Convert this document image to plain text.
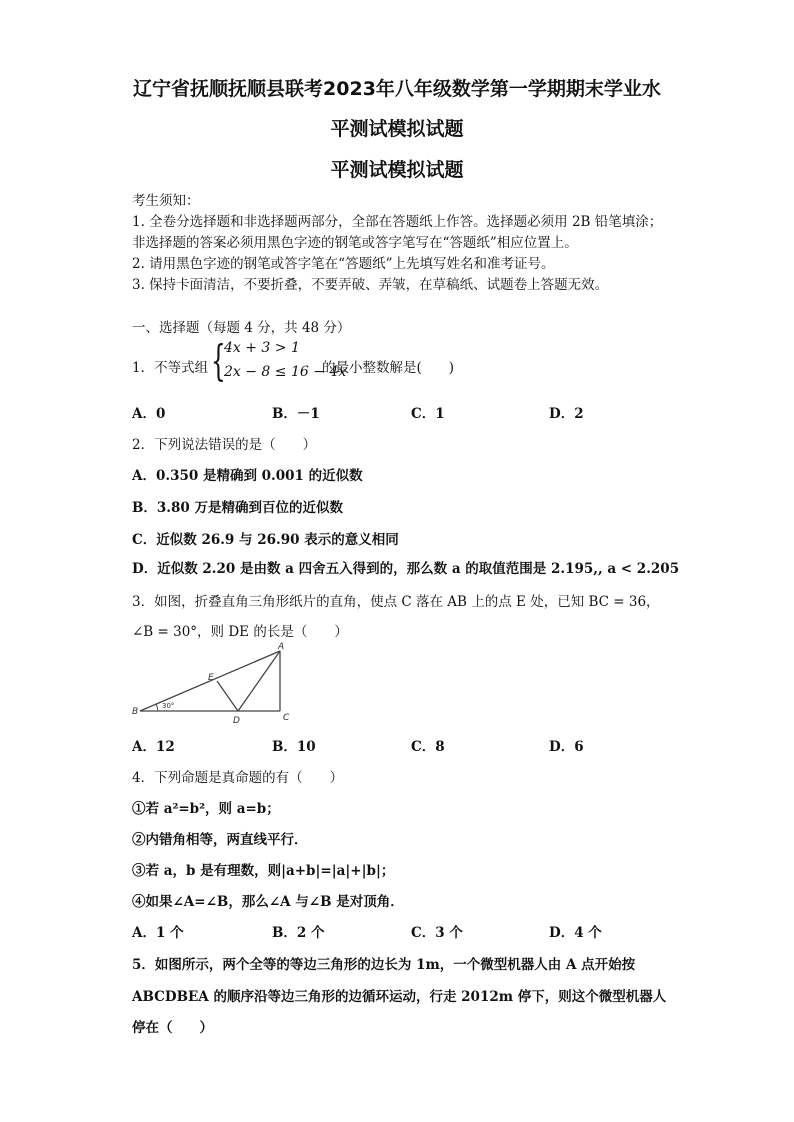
辽宁省抚顺抚顺县联考2023年八年级数学第一学期期末学业水
平测试模拟试题
平测试模拟试题
考生须知：
1. 全卷分选择题和非选择题两部分，全部在答题纸上作答。选择题必须用 2B 铅笔填涂；
非选择题的答案必须用黑色字迹的钢笔或答字笔写在“答题纸”相应位置上。
2. 请用黑色字迹的钢笔或答字笔在“答题纸”上先填写姓名和准考证号。
3. 保持卡面清洁，不要折叠，不要弄破、弄皱，在草稿纸、试题卷上答题无效。
一、选择题（每题 4 分，共 48 分）
1．不等式组 {
4x + 3 > 1
2x − 8 ≤ 16 − 4x
的最小整数解是(　　)
A．0	B．－1	C．1	D．2
2．下列说法错误的是（　　）
A．0.350 是精确到 0.001 的近似数
B．3.80 万是精确到百位的近似数
C．近似数 26.9 与 26.90 表示的意义相同
D．近似数 2.20 是由数 a 四舍五入得到的，那么数 a 的取值范围是 2.195,, a < 2.205
3．如图，折叠直角三角形纸片的直角，使点 C 落在 AB 上的点 E 处，已知 BC = 36，
∠B = 30°，则 DE 的长是（　　）
A
B
C
D
E
30°
A．12	B．10	C．8	D．6
4．下列命题是真命题的有（　　）
①若 a²=b²，则 a=b；
②内错角相等，两直线平行．
③若 a，b 是有理数，则|a+b|=|a|+|b|；
④如果∠A=∠B，那么∠A 与∠B 是对顶角．
A．1 个	B．2 个	C．3 个	D．4 个
5．如图所示，两个全等的等边三角形的边长为 1m，一个微型机器人由 A 点开始按
ABCDBEA 的顺序沿等边三角形的边循环运动，行走 2012m 停下，则这个微型机器人
停在（　　）
